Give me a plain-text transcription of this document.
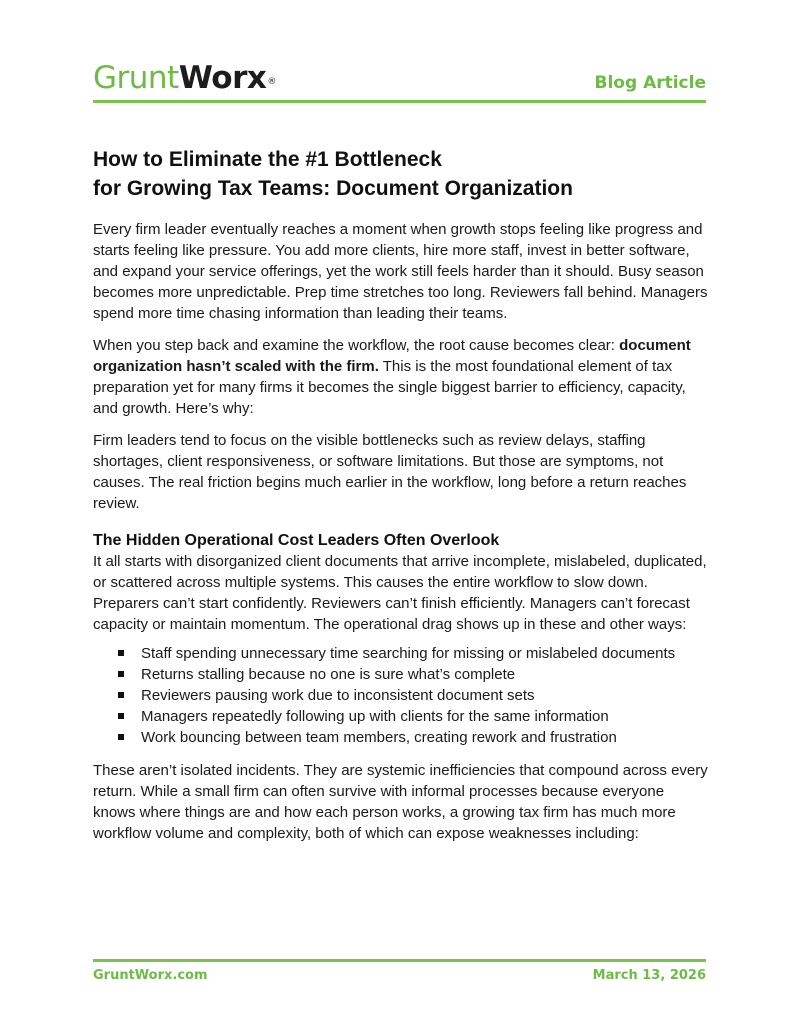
GruntWorx®	Blog Article
How to Eliminate the #1 Bottleneck
for Growing Tax Teams: Document Organization

Every firm leader eventually reaches a moment when growth stops feeling like progress and starts feeling like pressure. You add more clients, hire more staff, invest in better software, and expand your service offerings, yet the work still feels harder than it should. Busy season becomes more unpredictable. Prep time stretches too long. Reviewers fall behind. Managers spend more time chasing information than leading their teams.

When you step back and examine the workflow, the root cause becomes clear: document organization hasn’t scaled with the firm. This is the most foundational element of tax preparation yet for many firms it becomes the single biggest barrier to efficiency, capacity, and growth. Here’s why:

Firm leaders tend to focus on the visible bottlenecks such as review delays, staffing shortages, client responsiveness, or software limitations. But those are symptoms, not causes. The real friction begins much earlier in the workflow, long before a return reaches review.

The Hidden Operational Cost Leaders Often Overlook

It all starts with disorganized client documents that arrive incomplete, mislabeled, duplicated, or scattered across multiple systems. This causes the entire workflow to slow down. Preparers can’t start confidently. Reviewers can’t finish efficiently. Managers can’t forecast capacity or maintain momentum. The operational drag shows up in these and other ways:

Staff spending unnecessary time searching for missing or mislabeled documents
Returns stalling because no one is sure what’s complete
Reviewers pausing work due to inconsistent document sets
Managers repeatedly following up with clients for the same information
Work bouncing between team members, creating rework and frustration

These aren’t isolated incidents. They are systemic inefficiencies that compound across every return. While a small firm can often survive with informal processes because everyone knows where things are and how each person works, a growing tax firm has much more workflow volume and complexity, both of which can expose weaknesses including:

GruntWorx.com	March 13, 2026
